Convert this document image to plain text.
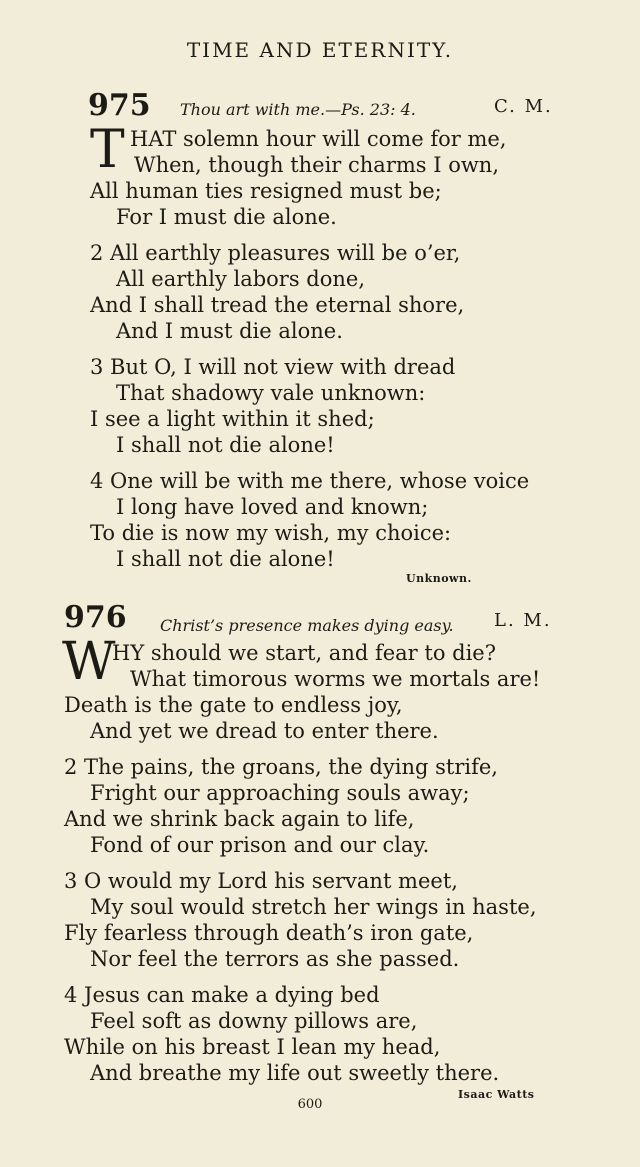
TIME AND ETERNITY.
975 Thou art with me.—Ps. 23: 4.	C. M.
T HAT solemn hour will come for me,
When, though their charms I own,
All human ties resigned must be;
For I must die alone.
2 All earthly pleasures will be o’er,
All earthly labors done,
And I shall tread the eternal shore,
And I must die alone.
3 But O, I will not view with dread
That shadowy vale unknown:
I see a light within it shed;
I shall not die alone!
4 One will be with me there, whose voice
I long have loved and known;
To die is now my wish, my choice:
I shall not die alone!
Unknown.
976 Christ’s presence makes dying easy. L. M.
W
HY should we start, and fear to die?
What timorous worms we mortals are!
Death is the gate to endless joy,
And yet we dread to enter there.
2 The pains, the groans, the dying strife,
Fright our approaching souls away;
And we shrink back again to life,
Fond of our prison and our clay.
3 O would my Lord his servant meet,
My soul would stretch her wings in haste,
Fly fearless through death’s iron gate,
Nor feel the terrors as she passed.
4 Jesus can make a dying bed
Feel soft as downy pillows are,
While on his breast I lean my head,
And breathe my life out sweetly there.
Isaac Watts
600
